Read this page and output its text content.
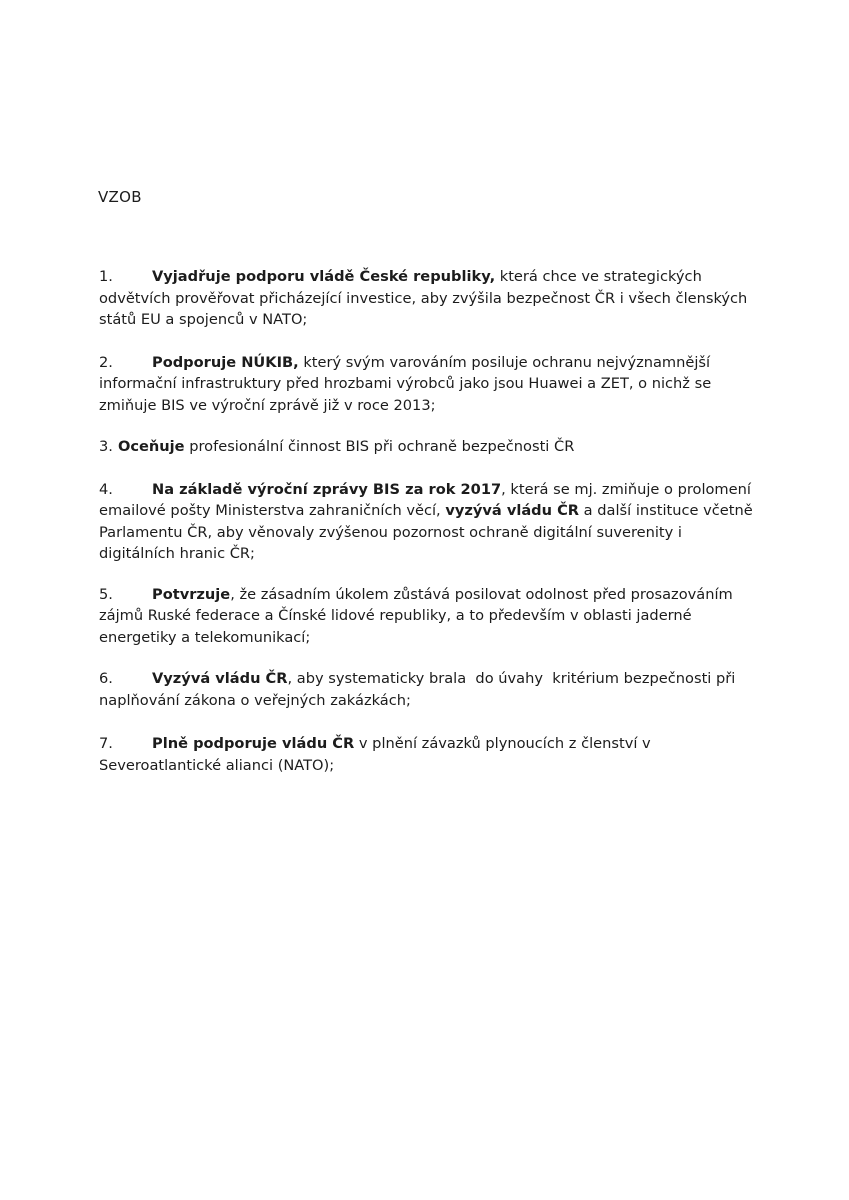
VZOB
1.	Vyjadřuje podporu vládě České republiky, která chce ve strategických
odvětvích prověřovat přicházející investice, aby zvýšila bezpečnost ČR i všech členských
států EU a spojenců v NATO;
2.	Podporuje NÚKIB, který svým varováním posiluje ochranu nejvýznamnější
informační infrastruktury před hrozbami výrobců jako jsou Huawei a ZET, o nichž se
zmiňuje BIS ve výroční zprávě již v roce 2013;
3. Oceňuje profesionální činnost BIS při ochraně bezpečnosti ČR
4.	Na základě výroční zprávy BIS za rok 2017, která se mj. zmiňuje o prolomení
emailové pošty Ministerstva zahraničních věcí, vyzývá vládu ČR a další instituce včetně
Parlamentu ČR, aby věnovaly zvýšenou pozornost ochraně digitální suverenity i
digitálních hranic ČR;
5.	Potvrzuje, že zásadním úkolem zůstává posilovat odolnost před prosazováním
zájmů Ruské federace a Čínské lidové republiky, a to především v oblasti jaderné
energetiky a telekomunikací;
6.	Vyzývá vládu ČR, aby systematicky brala  do úvahy  kritérium bezpečnosti při
naplňování zákona o veřejných zakázkách;
7.	Plně podporuje vládu ČR v plnění závazků plynoucích z členství v
Severoatlantické alianci (NATO);
